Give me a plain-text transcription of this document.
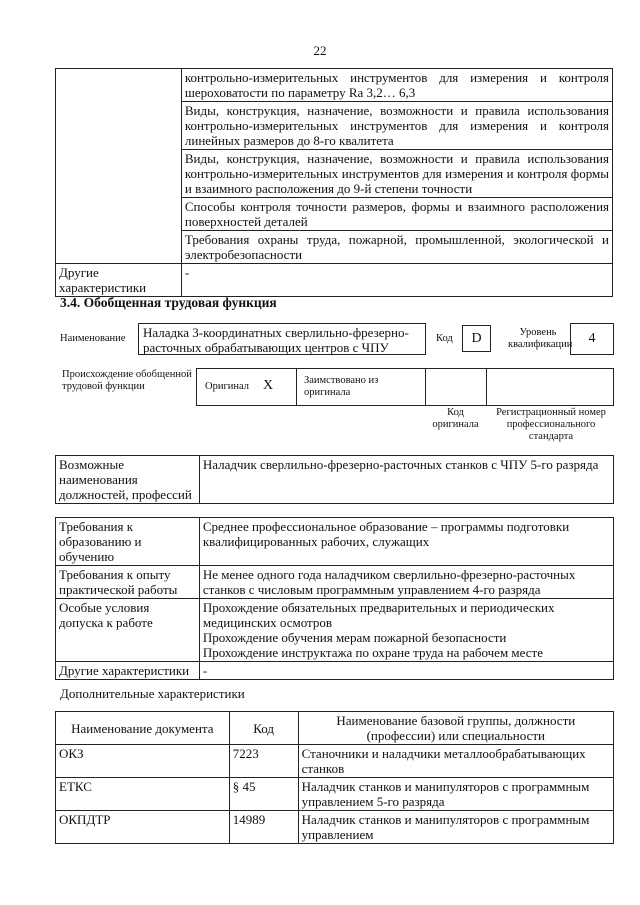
22
	контрольно-измерительных инструментов для измерения и контроля шероховатости по параметру Ra 3,2… 6,3
	Виды, конструкция, назначение, возможности и правила использования контрольно-измерительных инструментов для измерения и контроля линейных размеров до 8-го квалитета
	Виды, конструкция, назначение, возможности и правила использования контрольно-измерительных инструментов для измерения и контроля формы и взаимного расположения до 9-й степени точности
	Способы контроля точности размеров, формы и взаимного расположения поверхностей деталей
	Требования охраны труда, пожарной, промышленной, экологической и электробезопасности
Другие характеристики	-
3.4. Обобщенная трудовая функция
Наименование	Наладка 3-координатных сверлильно-фрезерно-расточных обрабатывающих центров с ЧПУ
Код	D	Уровень квалификации	4
Происхождение обобщенной трудовой функции	Оригинал X	Заимствовано из оригинала
Код оригинала
Регистрационный номер профессионального стандарта
Возможные наименования должностей, профессий	Наладчик сверлильно-фрезерно-расточных станков с ЧПУ 5-го разряда
Требования к образованию и обучению	Среднее профессиональное образование – программы подготовки квалифицированных рабочих, служащих
Требования к опыту практической работы	Не менее одного года наладчиком сверлильно-фрезерно-расточных станков с числовым программным управлением 4-го разряда
Особые условия допуска к работе	Прохождение обязательных предварительных и периодических медицинских осмотров
Прохождение обучения мерам пожарной безопасности
Прохождение инструктажа по охране труда на рабочем месте

Другие характеристики	-
Дополнительные характеристики
Наименование документа	Код	Наименование базовой группы, должности (профессии) или специальности
ОКЗ	7223	Станочники и наладчики металлообрабатывающих станков
ЕТКС	§ 45	Наладчик станков и манипуляторов с программным управлением 5-го разряда
ОКПДТР	14989	Наладчик станков и манипуляторов с программным управлением
